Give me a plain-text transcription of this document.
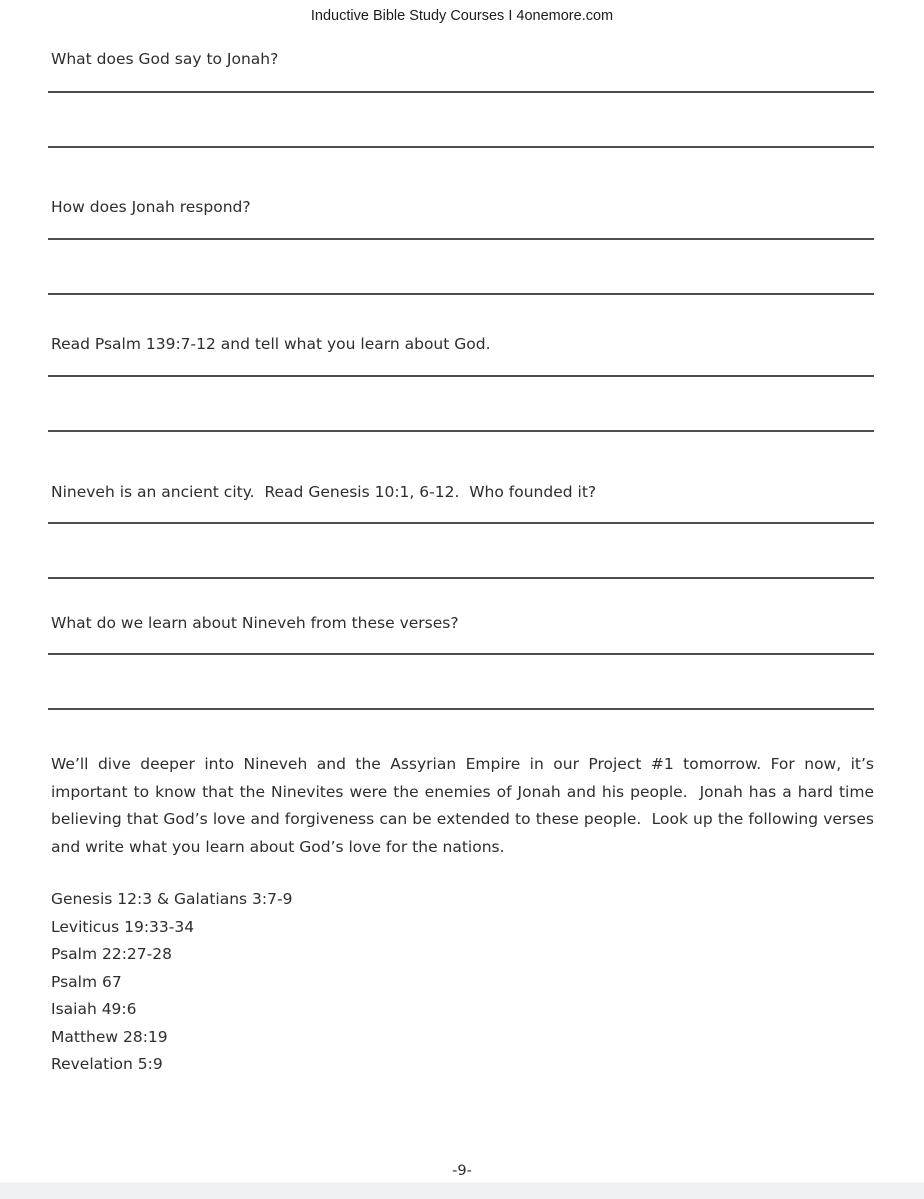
Inductive Bible Study Courses I 4onemore.com

What does God say to Jonah?

How does Jonah respond?

Read Psalm 139:7-12 and tell what you learn about God.

Nineveh is an ancient city.  Read Genesis 10:1, 6-12.  Who founded it?

What do we learn about Nineveh from these verses?

We’ll dive deeper into Nineveh and the Assyrian Empire in our Project #1 tomorrow. For now, it’s important to know that the Ninevites were the enemies of Jonah and his people.  Jonah has a hard time believing that God’s love and forgiveness can be extended to these people.  Look up the following verses and write what you learn about God’s love for the nations.

Genesis 12:3 & Galatians 3:7-9
Leviticus 19:33-34
Psalm 22:27-28
Psalm 67
Isaiah 49:6
Matthew 28:19
Revelation 5:9
-9-
